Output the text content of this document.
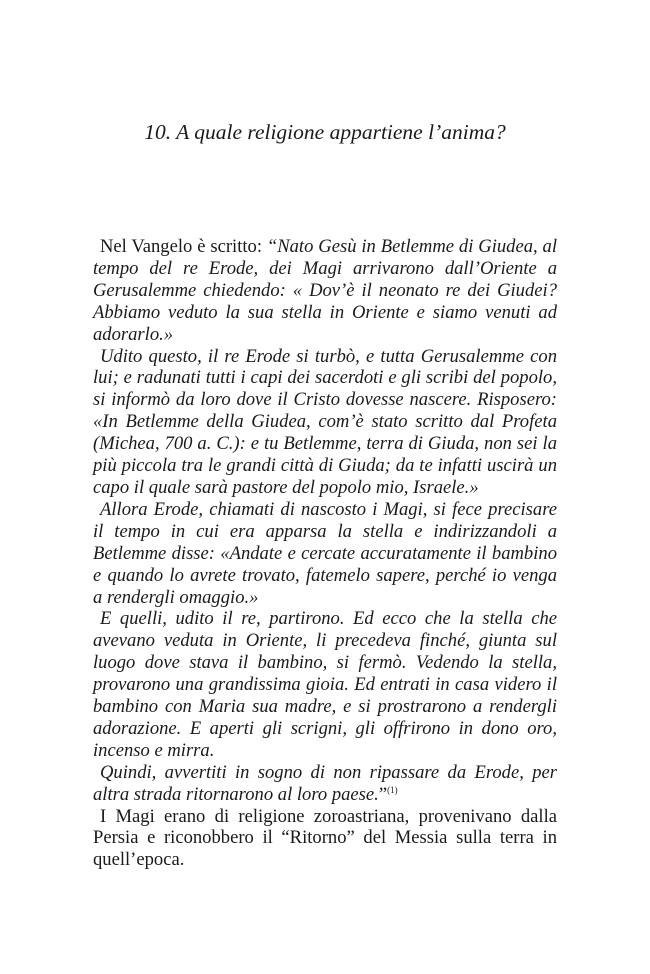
10. A quale religione appartiene l’anima?

Nel Vangelo è scritto: “Nato Gesù in Betlemme di Giudea, al tempo del re Erode, dei Magi arrivarono dall’Oriente a Gerusalemme chiedendo: « Dov’è il neonato re dei Giudei? Abbiamo veduto la sua stella in Oriente e siamo venuti ad adorarlo.»

Udito questo, il re Erode si turbò, e tutta Gerusalemme con lui; e radunati tutti i capi dei sacerdoti e gli scribi del popolo, si informò da loro dove il Cristo dovesse nascere. Risposero: «In Betlemme della Giudea, com’è stato scritto dal Profeta (Michea, 700 a. C.): e tu Betlemme, terra di Giuda, non sei la più piccola tra le grandi città di Giuda; da te infatti uscirà un capo il quale sarà pastore del popolo mio, Israele.»

Allora Erode, chiamati di nascosto i Magi, si fece precisare il tempo in cui era apparsa la stella e indirizzandoli a Betlemme disse: «Andate e cercate accuratamente il bambino e quando lo avrete trovato, fatemelo sapere, perché io venga a rendergli omaggio.»

E quelli, udito il re, partirono. Ed ecco che la stella che avevano veduta in Oriente, li precedeva finché, giunta sul luogo dove stava il bambino, si fermò. Vedendo la stella, provarono una grandissima gioia. Ed entrati in casa videro il bambino con Maria sua madre, e si prostrarono a rendergli adorazione. E aperti gli scrigni, gli offrirono in dono oro, incenso e mirra.

Quindi, avvertiti in sogno di non ripassare da Erode, per altra strada ritornarono al loro paese.”$^{(1)}$

I Magi erano di religione zoroastriana, provenivano dalla Persia e riconobbero il “Ritorno” del Messia sulla terra in quell’epoca.
